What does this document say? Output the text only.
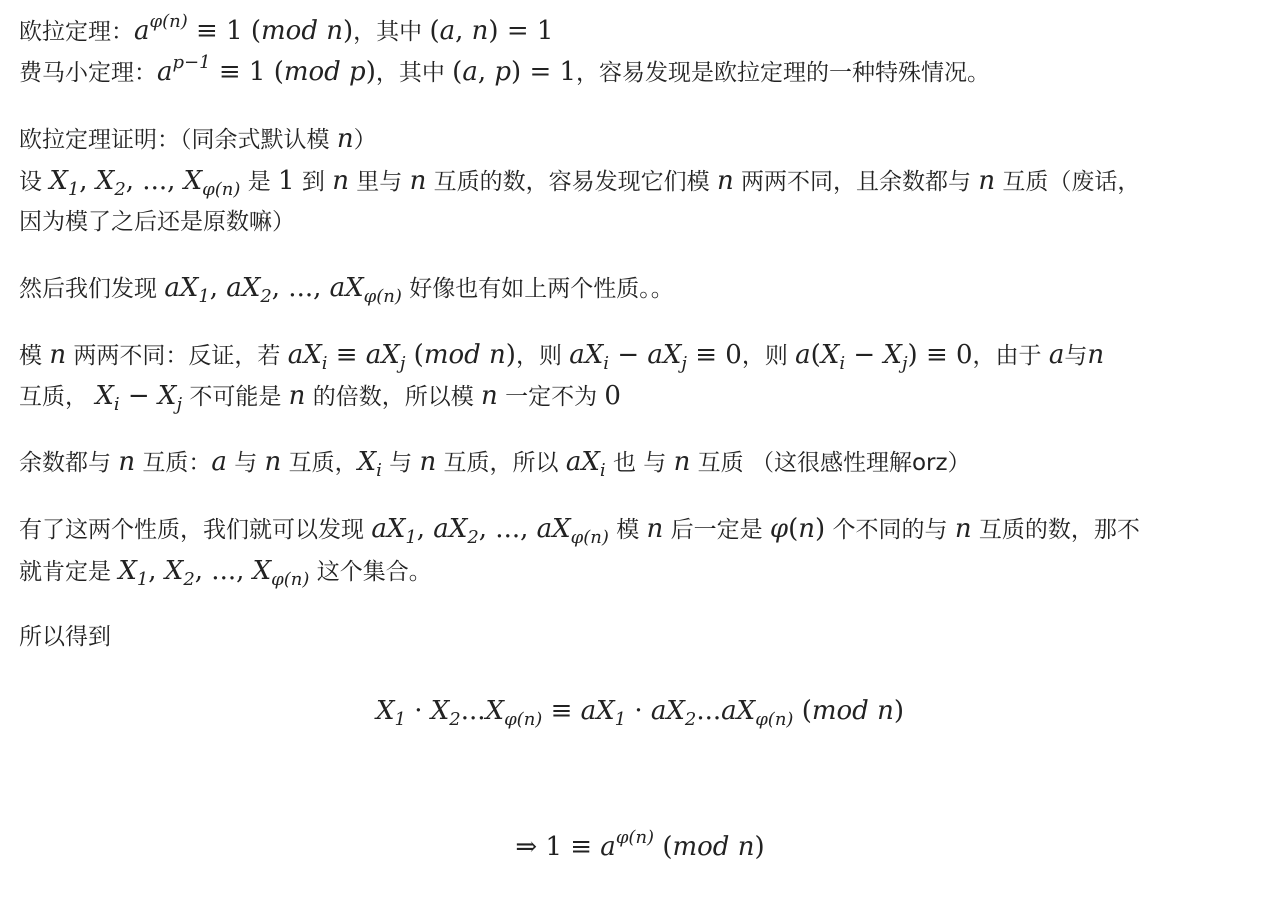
欧拉定理：$a^{\varphi(n)} \equiv 1$ (mod n)，其中 (a, n) = 1
费马小定理：$a^{p-1} \equiv 1$ (mod p)，其中 (a, p) = 1，容易发现是欧拉定理的一种特殊情况。
欧拉定理证明：（同余式默认模 n）
设 $X_1$, $X_2$, ..., $X_{\varphi(n)}$ 是 1 到 n 里与 n 互质的数，容易发现它们模 n 两两不同，且余数都与 n 互质（废话，
因为模了之后还是原数嘛）
然后我们发现 $aX_1$, $aX_2$, ..., $aX_{\varphi(n)}$ 好像也有如上两个性质。。
模 n 两两不同：反证，若 $aX_i \equiv aX_j$ (mod n)，则 $aX_i - aX_j \equiv 0$，则 $a(X_i - X_j) \equiv 0$，由于 a与n
互质， $X_i - X_j$ 不可能是 n 的倍数，所以模 n 一定不为 0
余数都与 n 互质：a 与 n 互质，$X_i$ 与 n 互质，所以 $aX_i$ 也 与 n 互质 （这很感性理解orz）
有了这两个性质，我们就可以发现 $aX_1$, $aX_2$, ..., $aX_{\varphi(n)}$ 模 n 后一定是 φ(n) 个不同的与 n 互质的数，那不
就肯定是 $X_1$, $X_2$, ..., $X_{\varphi(n)}$ 这个集合。
所以得到
$X_1 \cdot X_2...X_{\varphi(n)} \equiv aX_1 \cdot aX_2...aX_{\varphi(n)}$ (mod n)
⇒ $1 \equiv a^{\varphi(n)}$ (mod n)
